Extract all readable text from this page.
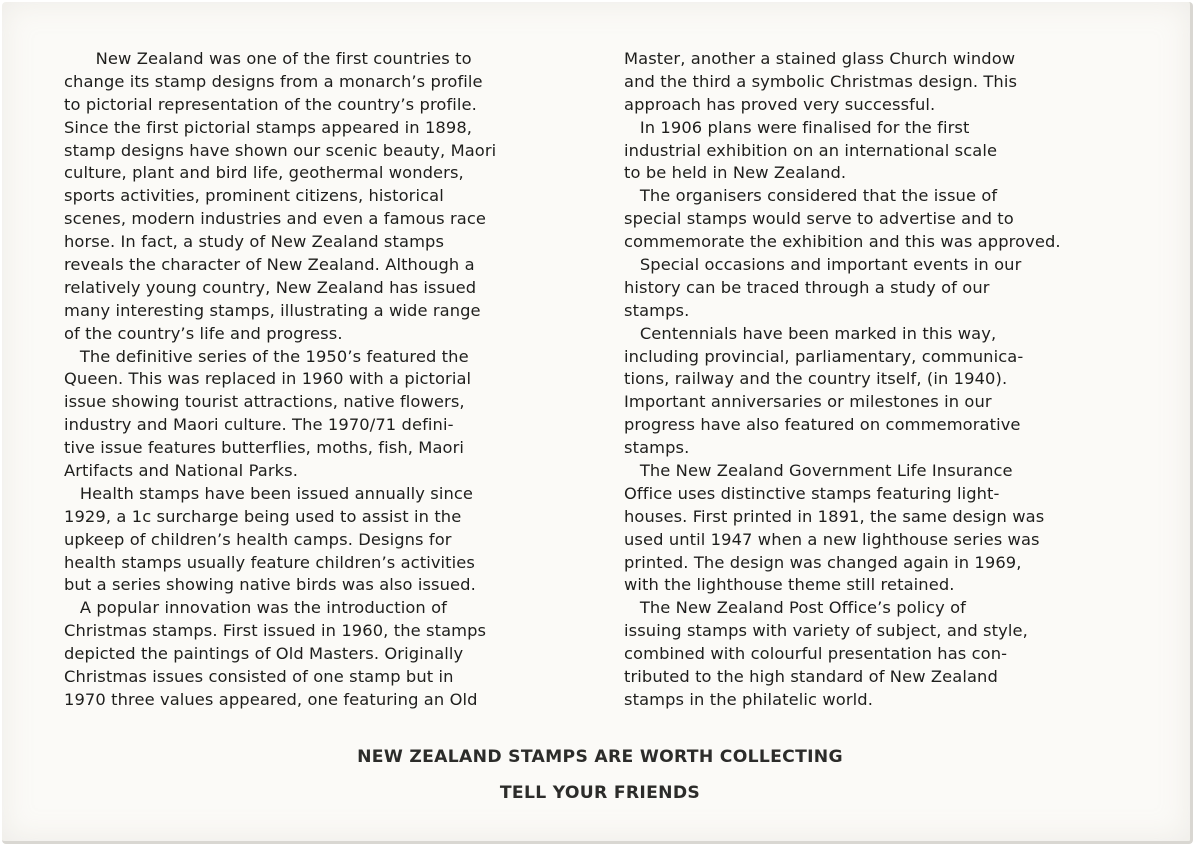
New Zealand was one of the first countries to
change its stamp designs from a monarch’s profile
to pictorial representation of the country’s profile.
Since the first pictorial stamps appeared in 1898,
stamp designs have shown our scenic beauty, Maori
culture, plant and bird life, geothermal wonders,
sports activities, prominent citizens, historical
scenes, modern industries and even a famous race
horse. In fact, a study of New Zealand stamps
reveals the character of New Zealand. Although a
relatively young country, New Zealand has issued
many interesting stamps, illustrating a wide range
of the country’s life and progress.
The definitive series of the 1950’s featured the
Queen. This was replaced in 1960 with a pictorial
issue showing tourist attractions, native flowers,
industry and Maori culture. The 1970/71 defini-
tive issue features butterflies, moths, fish, Maori
Artifacts and National Parks.
Health stamps have been issued annually since
1929, a 1c surcharge being used to assist in the
upkeep of children’s health camps. Designs for
health stamps usually feature children’s activities
but a series showing native birds was also issued.
A popular innovation was the introduction of
Christmas stamps. First issued in 1960, the stamps
depicted the paintings of Old Masters. Originally
Christmas issues consisted of one stamp but in
1970 three values appeared, one featuring an Old
Master, another a stained glass Church window
and the third a symbolic Christmas design. This
approach has proved very successful.
In 1906 plans were finalised for the first
industrial exhibition on an international scale
to be held in New Zealand.
The organisers considered that the issue of
special stamps would serve to advertise and to
commemorate the exhibition and this was approved.
Special occasions and important events in our
history can be traced through a study of our
stamps.
Centennials have been marked in this way,
including provincial, parliamentary, communica-
tions, railway and the country itself, (in 1940).
Important anniversaries or milestones in our
progress have also featured on commemorative
stamps.
The New Zealand Government Life Insurance
Office uses distinctive stamps featuring light-
houses. First printed in 1891, the same design was
used until 1947 when a new lighthouse series was
printed. The design was changed again in 1969,
with the lighthouse theme still retained.
The New Zealand Post Office’s policy of
issuing stamps with variety of subject, and style,
combined with colourful presentation has con-
tributed to the high standard of New Zealand
stamps in the philatelic world.
NEW ZEALAND STAMPS ARE WORTH COLLECTING
TELL YOUR FRIENDS
